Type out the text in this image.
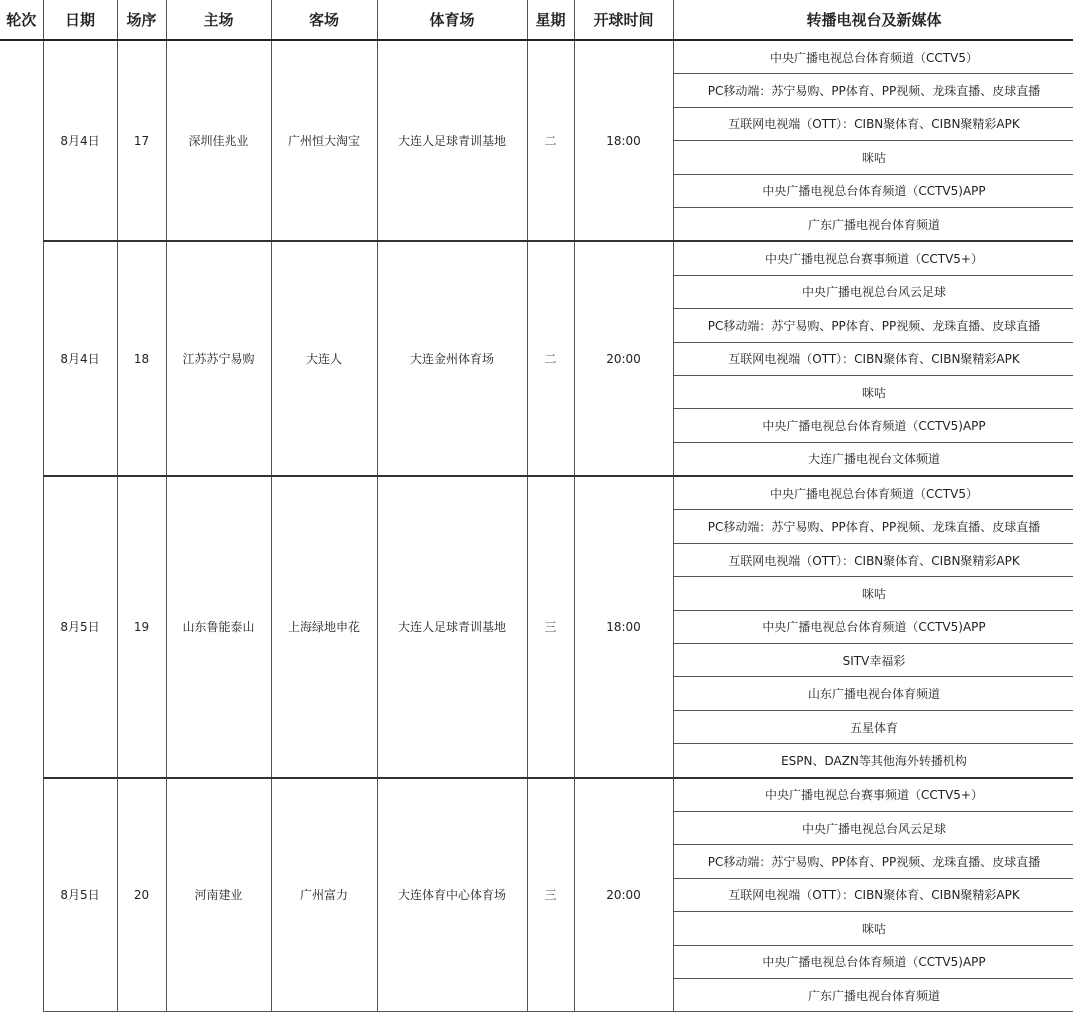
轮次	日期	场序	主场	客场	体育场	星期	开球时间	转播电视台及新媒体
	8月4日	17	深圳佳兆业	广州恒大淘宝	大连人足球青训基地	二	18:00	中央广播电视总台体育频道（CCTV5）
								PC移动端：苏宁易购、PP体育、PP视频、龙珠直播、皮球直播
								互联网电视端（OTT）：CIBN聚体育、CIBN聚精彩APK
								咪咕
								中央广播电视总台体育频道（CCTV5)APP
								广东广播电视台体育频道
	8月4日	18	江苏苏宁易购	大连人	大连金州体育场	二	20:00	中央广播电视总台赛事频道（CCTV5+）
								中央广播电视总台风云足球
								PC移动端：苏宁易购、PP体育、PP视频、龙珠直播、皮球直播
								互联网电视端（OTT）：CIBN聚体育、CIBN聚精彩APK
								咪咕
								中央广播电视总台体育频道（CCTV5)APP
								大连广播电视台文体频道
	8月5日	19	山东鲁能泰山	上海绿地申花	大连人足球青训基地	三	18:00	中央广播电视总台体育频道（CCTV5）
								PC移动端：苏宁易购、PP体育、PP视频、龙珠直播、皮球直播
								互联网电视端（OTT）：CIBN聚体育、CIBN聚精彩APK
								咪咕
								中央广播电视总台体育频道（CCTV5)APP
								SITV幸福彩
								山东广播电视台体育频道
								五星体育
								ESPN、DAZN等其他海外转播机构
	8月5日	20	河南建业	广州富力	大连体育中心体育场	三	20:00	中央广播电视总台赛事频道（CCTV5+）
								中央广播电视总台风云足球
								PC移动端：苏宁易购、PP体育、PP视频、龙珠直播、皮球直播
								互联网电视端（OTT）：CIBN聚体育、CIBN聚精彩APK
								咪咕
								中央广播电视总台体育频道（CCTV5)APP
								广东广播电视台体育频道
